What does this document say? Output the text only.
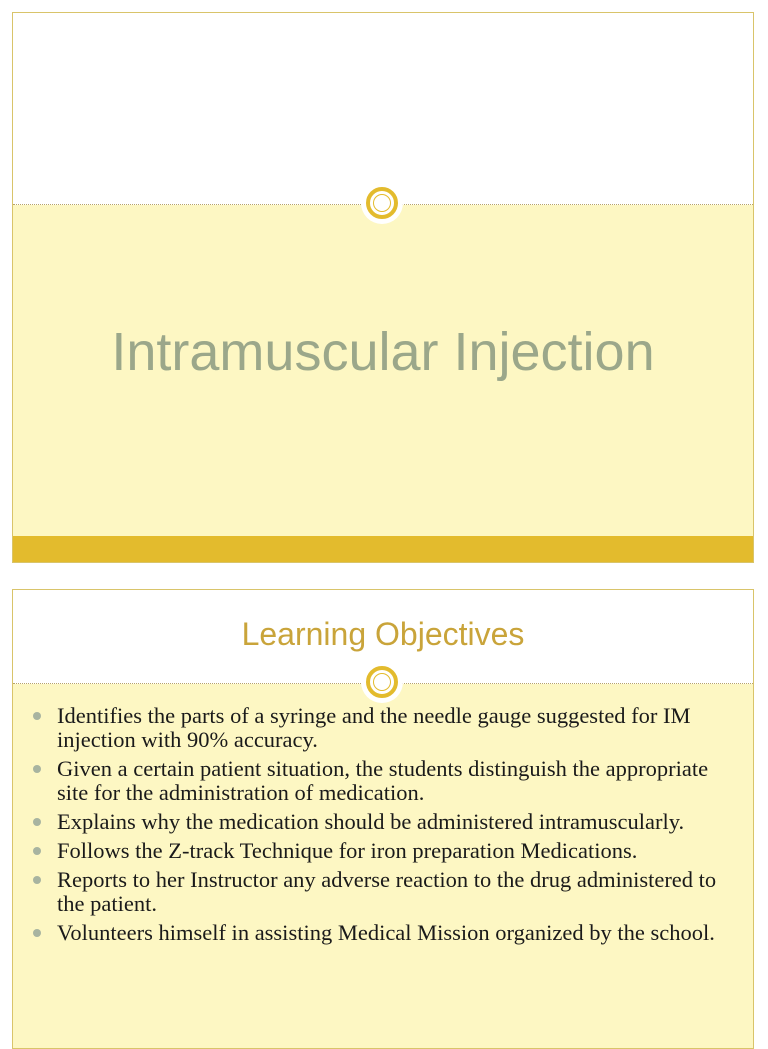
Intramuscular Injection
Learning Objectives
Identifies the parts of a syringe and the needle gauge suggested for IM injection with 90% accuracy.
Given a certain patient situation, the students distinguish the appropriate site for the administration of medication.
Explains why the medication should be administered intramuscularly.
Follows the Z-track Technique for iron preparation Medications.
Reports to her Instructor any adverse reaction to the drug administered to the patient.
Volunteers himself in assisting Medical Mission organized by the school.
